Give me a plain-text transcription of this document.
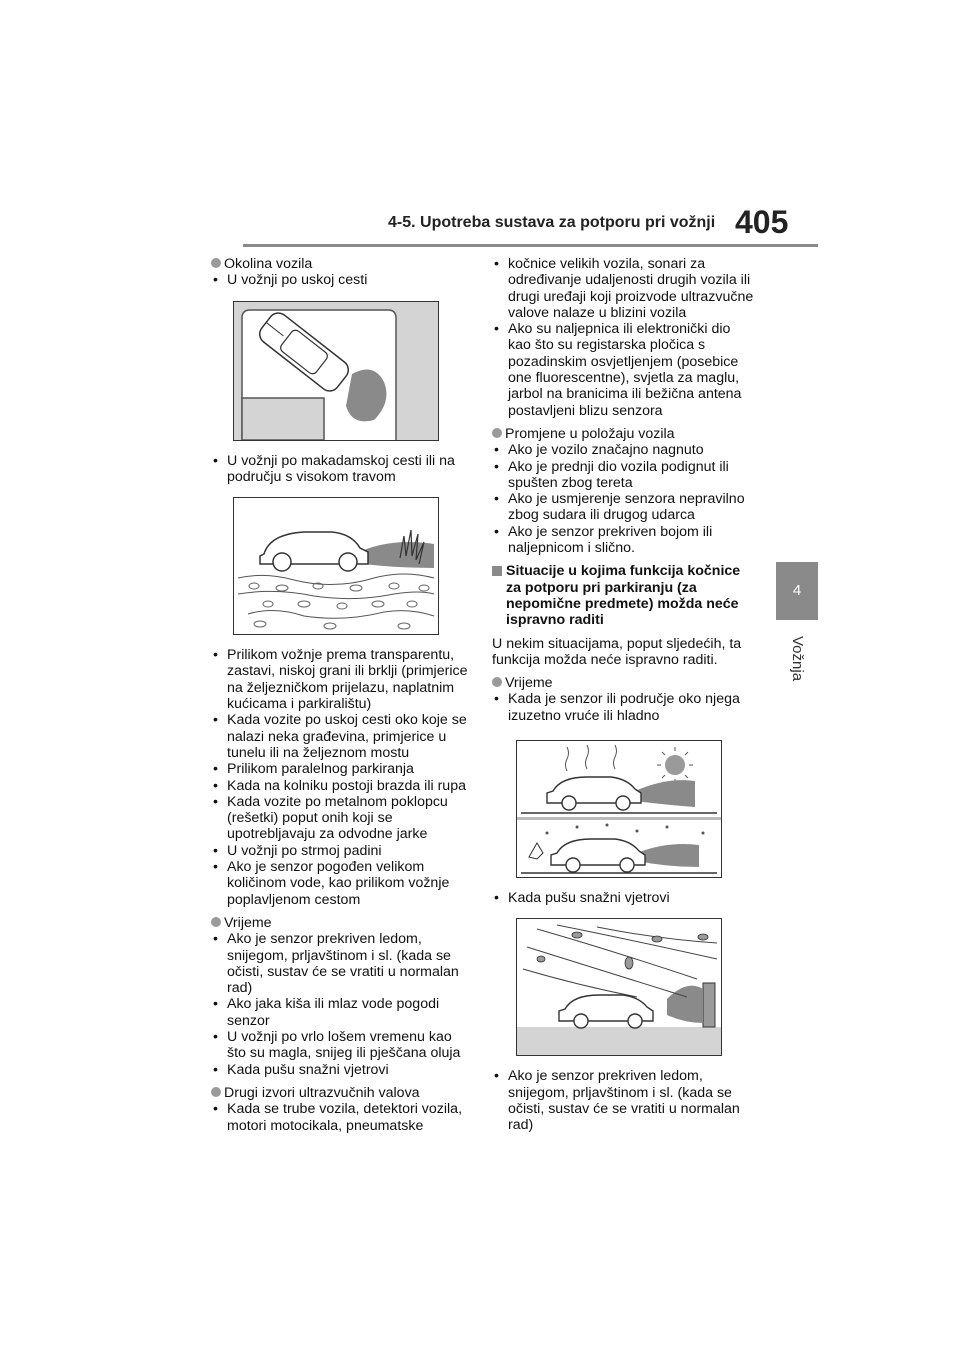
4-5. Upotreba sustava za potporu pri vožnji 405
4
Vožnja
Okolina vozila
• U vožnji po uskoj cesti
• U vožnji po makadamskoj cesti ili na području s visokom travom
• Prilikom vožnje prema transparentu, zastavi, niskoj grani ili brklji (primjerice na željezničkom prijelazu, naplatnim kućicama i parkiralištu)
• Kada vozite po uskoj cesti oko koje se nalazi neka građevina, primjerice u tunelu ili na željeznom mostu
• Prilikom paralelnog parkiranja
• Kada na kolniku postoji brazda ili rupa
• Kada vozite po metalnom poklopcu (rešetki) poput onih koji se upotrebljavaju za odvodne jarke
• U vožnji po strmoj padini
• Ako je senzor pogođen velikom količinom vode, kao prilikom vožnje poplavljenom cestom
Vrijeme
• Ako je senzor prekriven ledom, snijegom, prljavštinom i sl. (kada se očisti, sustav će se vratiti u normalan rad)
• Ako jaka kiša ili mlaz vode pogodi senzor
• U vožnji po vrlo lošem vremenu kao što su magla, snijeg ili pješčana oluja
• Kada pušu snažni vjetrovi
Drugi izvori ultrazvučnih valova
• Kada se trube vozila, detektori vozila, motori motocikala, pneumatske
• kočnice velikih vozila, sonari za određivanje udaljenosti drugih vozila ili drugi uređaji koji proizvode ultrazvučne valove nalaze u blizini vozila
• Ako su naljepnica ili elektronički dio kao što su registarska pločica s pozadinskim osvjetljenjem (posebice one fluorescentne), svjetla za maglu, jarbol na branicima ili bežična antena postavljeni blizu senzora
Promjene u položaju vozila
• Ako je vozilo značajno nagnuto
• Ako je prednji dio vozila podignut ili spušten zbog tereta
• Ako je usmjerenje senzora nepravilno zbog sudara ili drugog udarca
• Ako je senzor prekriven bojom ili naljepnicom i slično.
Situacije u kojima funkcija kočnice za potporu pri parkiranju (za nepomične predmete) možda neće ispravno raditi
U nekim situacijama, poput sljedećih, ta funkcija možda neće ispravno raditi.
Vrijeme
• Kada je senzor ili područje oko njega izuzetno vruće ili hladno
• Kada pušu snažni vjetrovi
• Ako je senzor prekriven ledom, snijegom, prljavštinom i sl. (kada se očisti, sustav će se vratiti u normalan rad)
